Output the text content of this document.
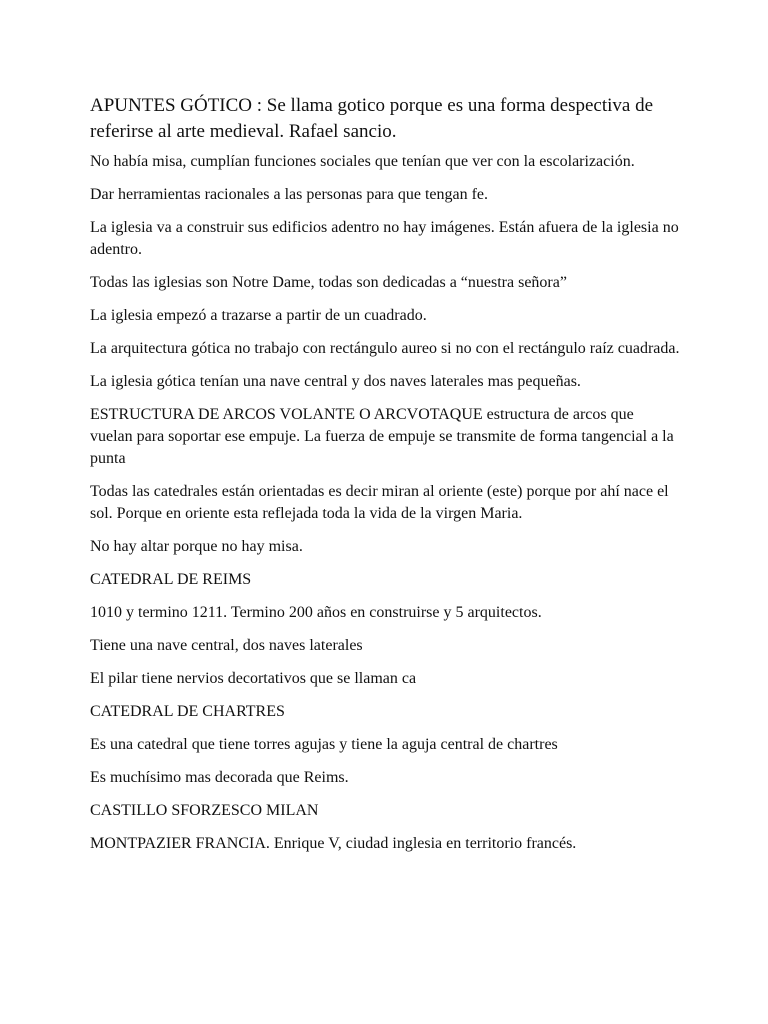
APUNTES GÓTICO : Se llama gotico porque es una forma despectiva de referirse al arte medieval. Rafael sancio.

No había misa, cumplían funciones sociales que tenían que ver con la escolarización.

Dar herramientas racionales a las personas para que tengan fe.

La iglesia va a construir sus edificios adentro no hay imágenes. Están afuera de la iglesia no adentro.

Todas las iglesias son Notre Dame, todas son dedicadas a “nuestra señora”

La iglesia empezó a trazarse a partir de un cuadrado.

La arquitectura gótica no trabajo con rectángulo aureo si no con el rectángulo raíz cuadrada.

La iglesia gótica tenían una nave central y dos naves laterales mas pequeñas.

ESTRUCTURA DE ARCOS VOLANTE O ARCVOTAQUE estructura de arcos que vuelan para soportar ese empuje. La fuerza de empuje se transmite de forma tangencial a la punta

Todas las catedrales están orientadas es decir miran al oriente (este) porque por ahí nace el sol. Porque en oriente esta reflejada toda la vida de la virgen Maria.

No hay altar porque no hay misa.

CATEDRAL DE REIMS

1010 y termino 1211. Termino 200 años en construirse y 5 arquitectos.

Tiene una nave central, dos naves laterales

El pilar tiene nervios decortativos que se llaman ca

CATEDRAL DE CHARTRES

Es una catedral que tiene torres agujas y tiene la aguja central de chartres

Es muchísimo mas decorada que Reims.

CASTILLO SFORZESCO MILAN

MONTPAZIER FRANCIA. Enrique V, ciudad inglesia en territorio francés.
